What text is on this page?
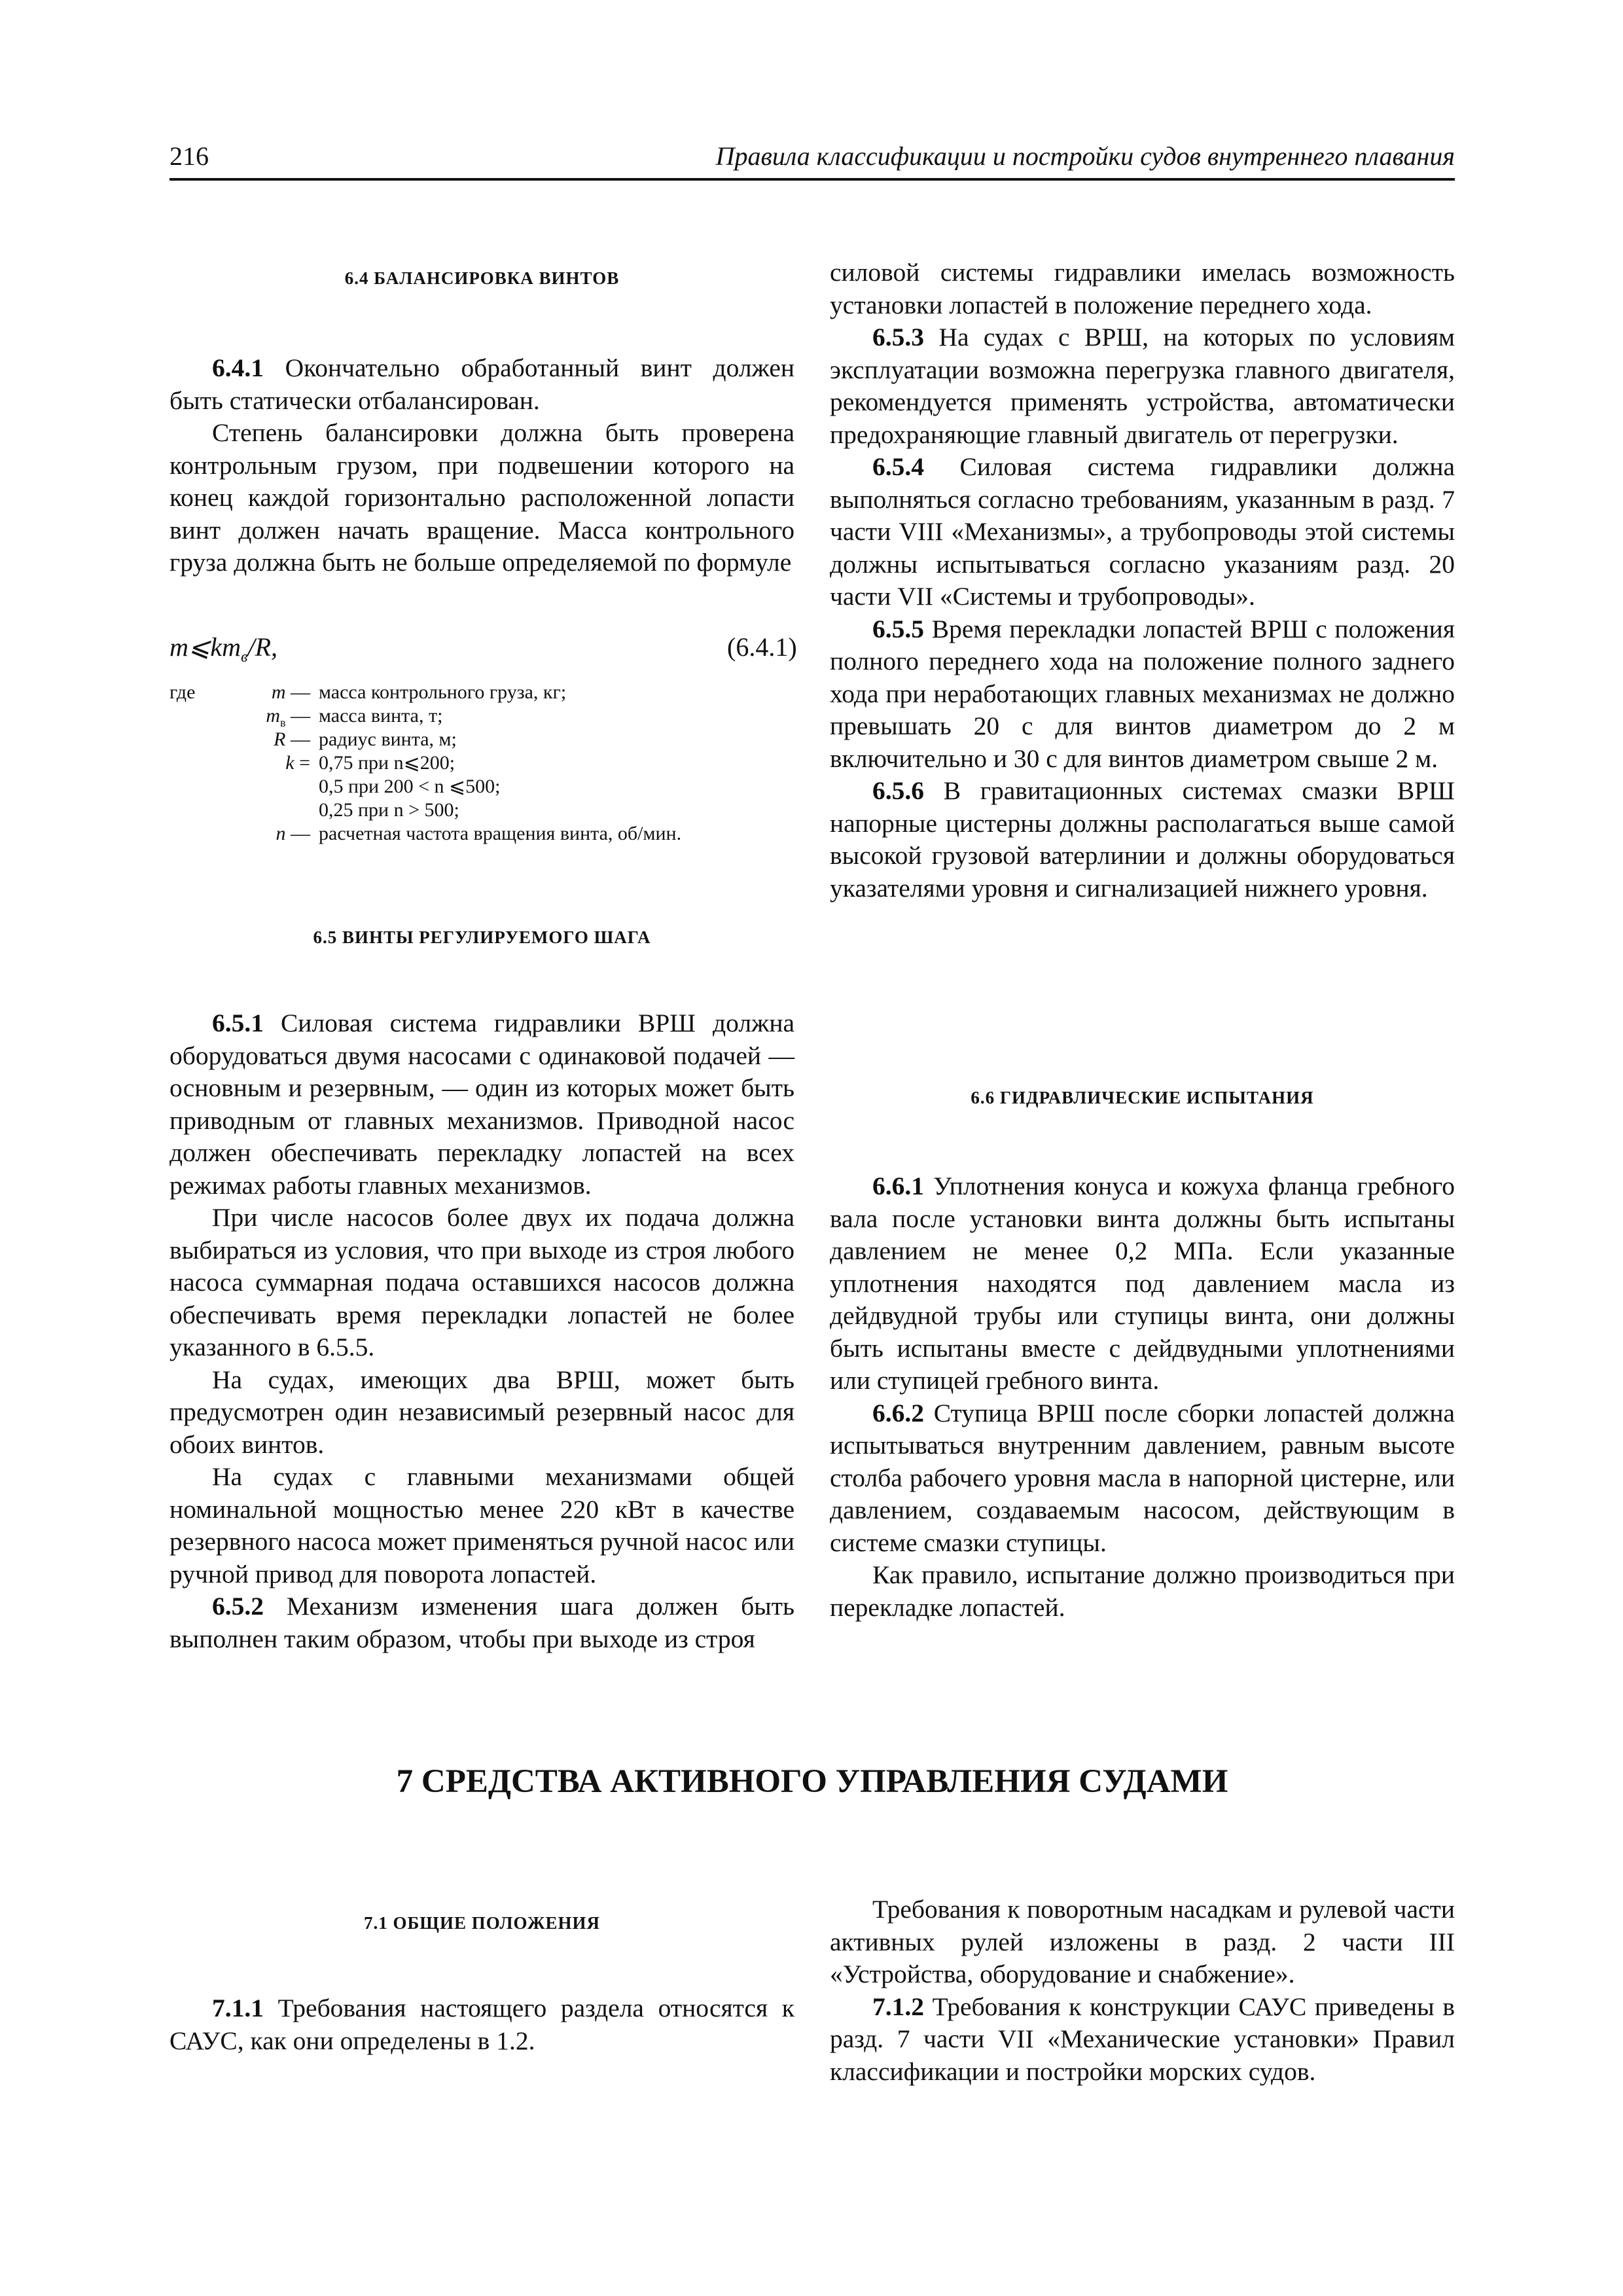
216	Правила классификации и постройки судов внутреннего плавания
6.4 БАЛАНСИРОВКА ВИНТОВ

6.4.1 Окончательно обработанный винт должен быть статически отбалансирован.

Степень балансировки должна быть проверена контрольным грузом, при подвешении которого на конец каждой горизонтально расположенной лопасти винт должен начать вращение. Масса контрольного груза должна быть не больше определяемой по формуле

$m⩽km_в/R$,	(6.4.1)
где	m — масса контрольного груза, кг;
$m_в$ — масса винта, т;
R — радиус винта, м;
k = 0,75 при n⩽200;
0,5 при 200 < n ⩽500;
0,25 при n > 500;
n — расчетная частота вращения винта, об/мин.
6.5 ВИНТЫ РЕГУЛИРУЕМОГО ШАГА

6.5.1 Силовая система гидравлики ВРШ должна оборудоваться двумя насосами с одинаковой подачей — основным и резервным, — один из которых может быть приводным от главных механизмов. Приводной насос должен обеспечивать перекладку лопастей на всех режимах работы главных механизмов.

При числе насосов более двух их подача должна выбираться из условия, что при выходе из строя любого насоса суммарная подача оставшихся насосов должна обеспечивать время перекладки лопастей не более указанного в 6.5.5.

На судах, имеющих два ВРШ, может быть предусмотрен один независимый резервный насос для обоих винтов.

На судах с главными механизмами общей номинальной мощностью менее 220 кВт в качестве резервного насоса может применяться ручной насос или ручной привод для поворота лопастей.

6.5.2 Механизм изменения шага должен быть выполнен таким образом, чтобы при выходе из строя

силовой системы гидравлики имелась возможность установки лопастей в положение переднего хода.

6.5.3 На судах с ВРШ, на которых по условиям эксплуатации возможна перегрузка главного двигателя, рекомендуется применять устройства, автоматически предохраняющие главный двигатель от перегрузки.

6.5.4 Силовая система гидравлики должна выполняться согласно требованиям, указанным в разд. 7 части VIII «Механизмы», а трубопроводы этой системы должны испытываться согласно указаниям разд. 20 части VII «Системы и трубопроводы».

6.5.5 Время перекладки лопастей ВРШ с положения полного переднего хода на положение полного заднего хода при неработающих главных механизмах не должно превышать 20 с для винтов диаметром до 2 м включительно и 30 с для винтов диаметром свыше 2 м.

6.5.6 В гравитационных системах смазки ВРШ напорные цистерны должны располагаться выше самой высокой грузовой ватерлинии и должны оборудоваться указателями уровня и сигнализацией нижнего уровня.

6.6 ГИДРАВЛИЧЕСКИЕ ИСПЫТАНИЯ

6.6.1 Уплотнения конуса и кожуха фланца гребного вала после установки винта должны быть испытаны давлением не менее 0,2 МПа. Если указанные уплотнения находятся под давлением масла из дейдвудной трубы или ступицы винта, они должны быть испытаны вместе с дейдвудными уплотнениями или ступицей гребного винта.

6.6.2 Ступица ВРШ после сборки лопастей должна испытываться внутренним давлением, равным высоте столба рабочего уровня масла в напорной цистерне, или давлением, создаваемым насосом, действующим в системе смазки ступицы.

Как правило, испытание должно производиться при перекладке лопастей.

7 СРЕДСТВА АКТИВНОГО УПРАВЛЕНИЯ СУДАМИ
7.1 ОБЩИЕ ПОЛОЖЕНИЯ

7.1.1 Требования настоящего раздела относятся к САУС, как они определены в 1.2.

Требования к поворотным насадкам и рулевой части активных рулей изложены в разд. 2 части III «Устройства, оборудование и снабжение».

7.1.2 Требования к конструкции САУС приведены в разд. 7 части VII «Механические установки» Правил классификации и постройки морских судов.
